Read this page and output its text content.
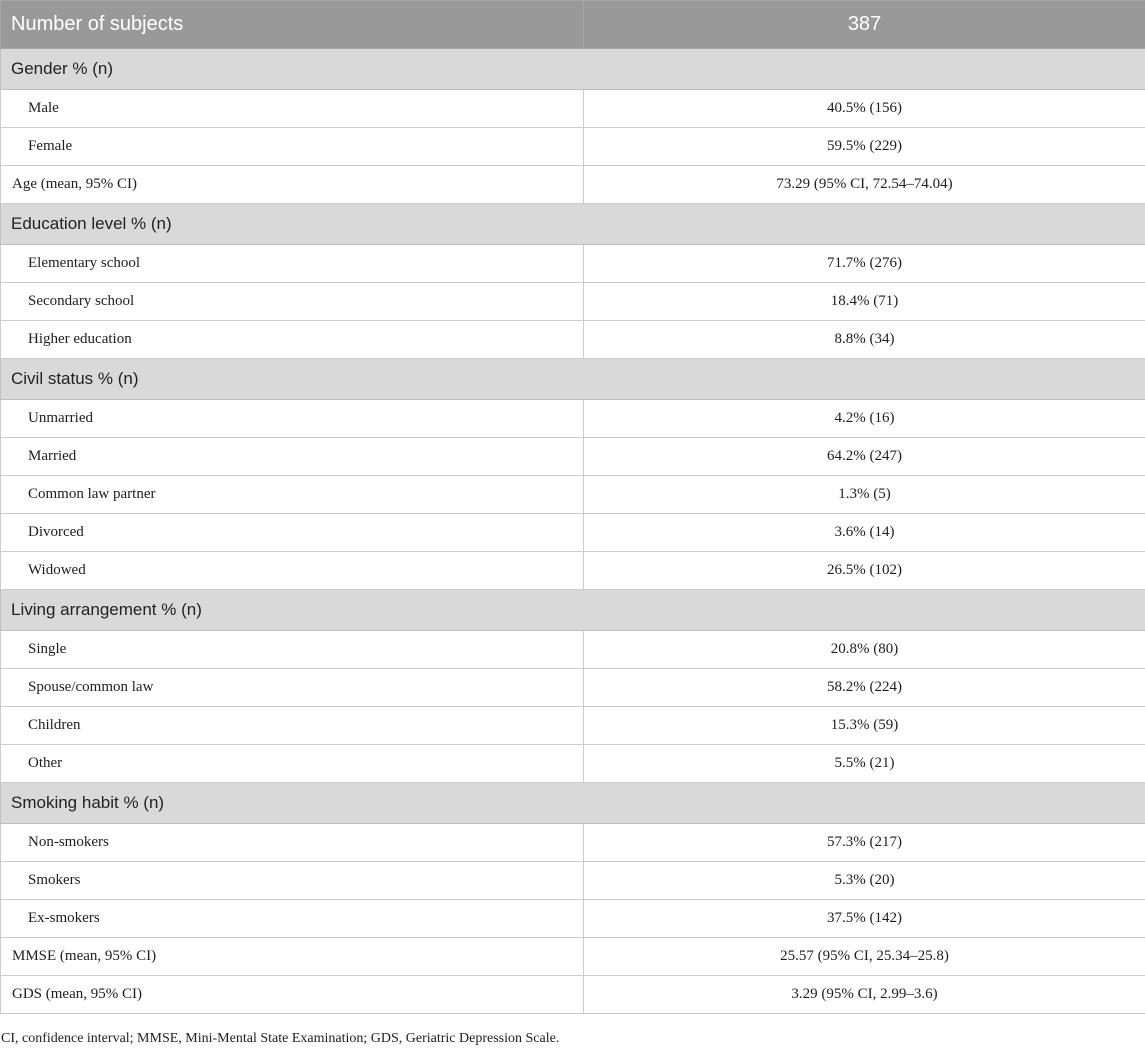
Number of subjects	387
Gender % (n)	
Male	40.5% (156)
Female	59.5% (229)
Age (mean, 95% CI)	73.29 (95% CI, 72.54–74.04)
Education level % (n)	
Elementary school	71.7% (276)
Secondary school	18.4% (71)
Higher education	8.8% (34)
Civil status % (n)	
Unmarried	4.2% (16)
Married	64.2% (247)
Common law partner	1.3% (5)
Divorced	3.6% (14)
Widowed	26.5% (102)
Living arrangement % (n)	
Single	20.8% (80)
Spouse/common law	58.2% (224)
Children	15.3% (59)
Other	5.5% (21)
Smoking habit % (n)	
Non-smokers	57.3% (217)
Smokers	5.3% (20)
Ex-smokers	37.5% (142)
MMSE (mean, 95% CI)	25.57 (95% CI, 25.34–25.8)
GDS (mean, 95% CI)	3.29 (95% CI, 2.99–3.6)
CI, confidence interval; MMSE, Mini-Mental State Examination; GDS, Geriatric Depression Scale.
